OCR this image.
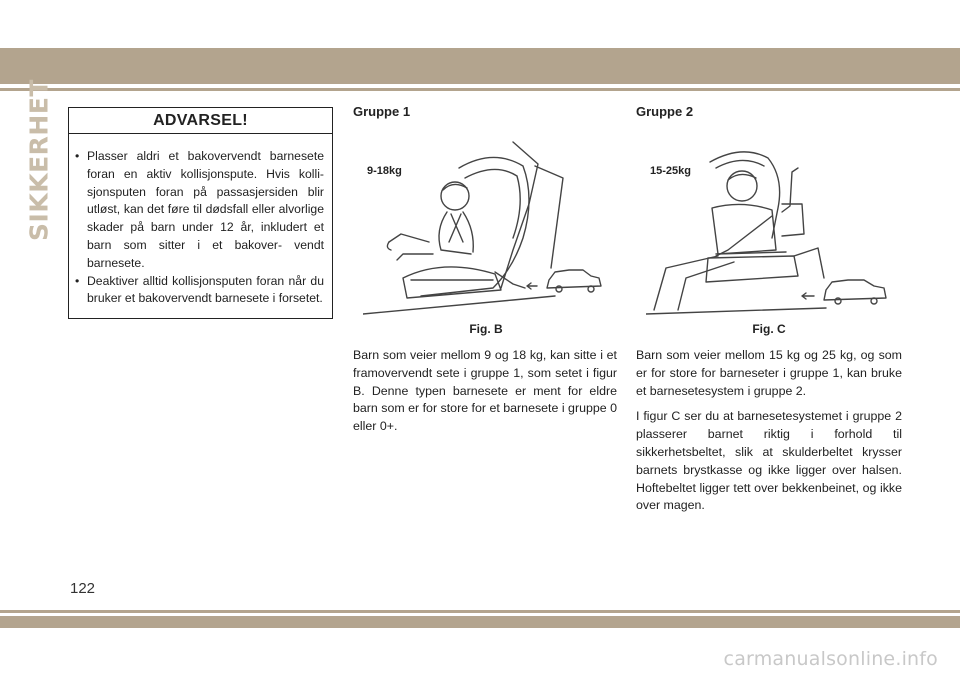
SIKKERHET	ADVARSEL!
• Plasser aldri et bakovervendt barnesete foran en aktiv kollisjonspute. Hvis kolli- sjonsputen foran på passasjersiden blir utløst, kan det føre til dødsfall eller alvorlige skader på barn under 12 år, inkludert et barn som sitter i et bakover- vendt barnesete.
• Deaktiver alltid kollisjonsputen foran når du bruker et bakovervendt barnesete i forsetet.
Gruppe 1
9-18kg
Fig. B

Barn som veier mellom 9 og 18 kg, kan sitte i et framovervendt sete i gruppe 1, som setet i figur B. Denne typen barnesete er ment for eldre barn som er for store for et barnesete i gruppe 0 eller 0+.

Gruppe 2
15-25kg
Fig. C

Barn som veier mellom 15 kg og 25 kg, og som er for store for barneseter i gruppe 1, kan bruke et barnesetesystem i gruppe 2.

I figur C ser du at barnesetesystemet i gruppe 2 plasserer barnet riktig i forhold til sikkerhetsbeltet, slik at skulderbeltet krysser barnets brystkasse og ikke ligger over halsen. Hoftebeltet ligger tett over bekkenbeinet, og ikke over magen.

122
carmanualsonline.info
